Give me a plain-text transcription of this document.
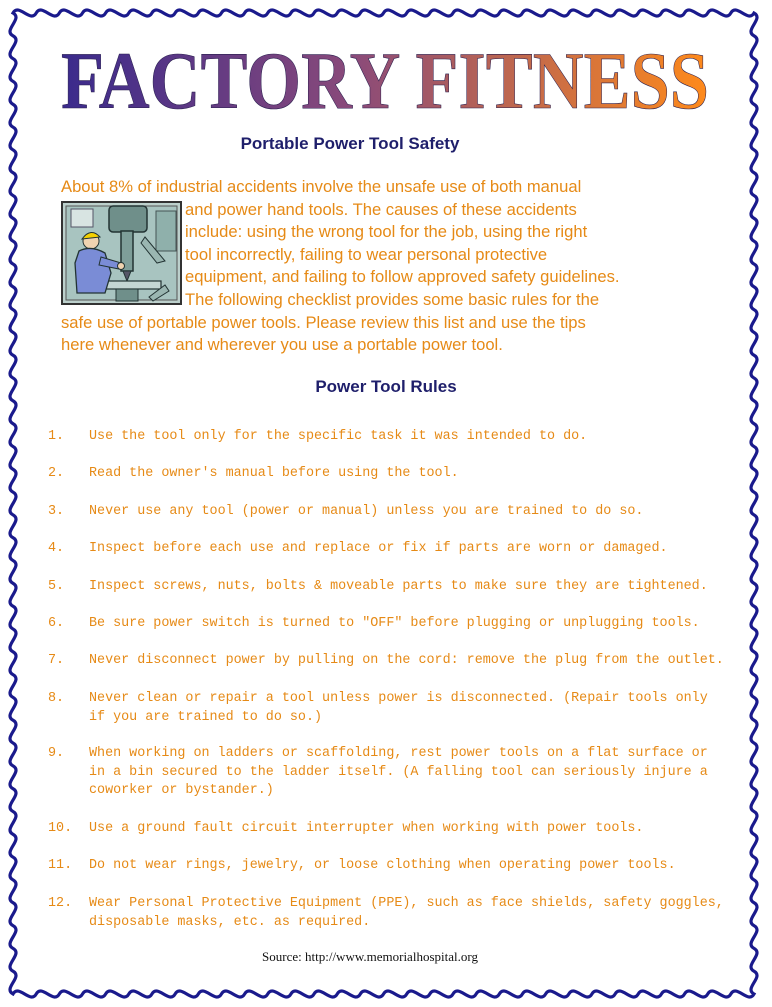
FACTORY FITNESS
Portable Power Tool Safety
About 8% of industrial accidents involve the unsafe use of both manual
and power hand tools. The causes of these accidents
include: using the wrong tool for the job, using the right
tool incorrectly, failing to wear personal protective
equipment, and failing to follow approved safety guidelines.
The following checklist provides some basic rules for the
safe use of portable power tools. Please review this list and use the tips
here whenever and wherever you use a portable power tool.
Power Tool Rules
1. Use the tool only for the specific task it was intended to do.
2. Read the owner's manual before using the tool.
3. Never use any tool (power or manual) unless you are trained to do so.
4. Inspect before each use and replace or fix if parts are worn or damaged.
5. Inspect screws, nuts, bolts & moveable parts to make sure they are tightened.
6. Be sure power switch is turned to "OFF" before plugging or unplugging tools.
7. Never disconnect power by pulling on the cord: remove the plug from the outlet.
8. Never clean or repair a tool unless power is disconnected. (Repair tools only
if you are trained to do so.)
9. When working on ladders or scaffolding, rest power tools on a flat surface or
in a bin secured to the ladder itself. (A falling tool can seriously injure a
coworker or bystander.)
10. Use a ground fault circuit interrupter when working with power tools.
11. Do not wear rings, jewelry, or loose clothing when operating power tools.
12. Wear Personal Protective Equipment (PPE), such as face shields, safety goggles,
disposable masks, etc. as required.
Source: http://www.memorialhospital.org
